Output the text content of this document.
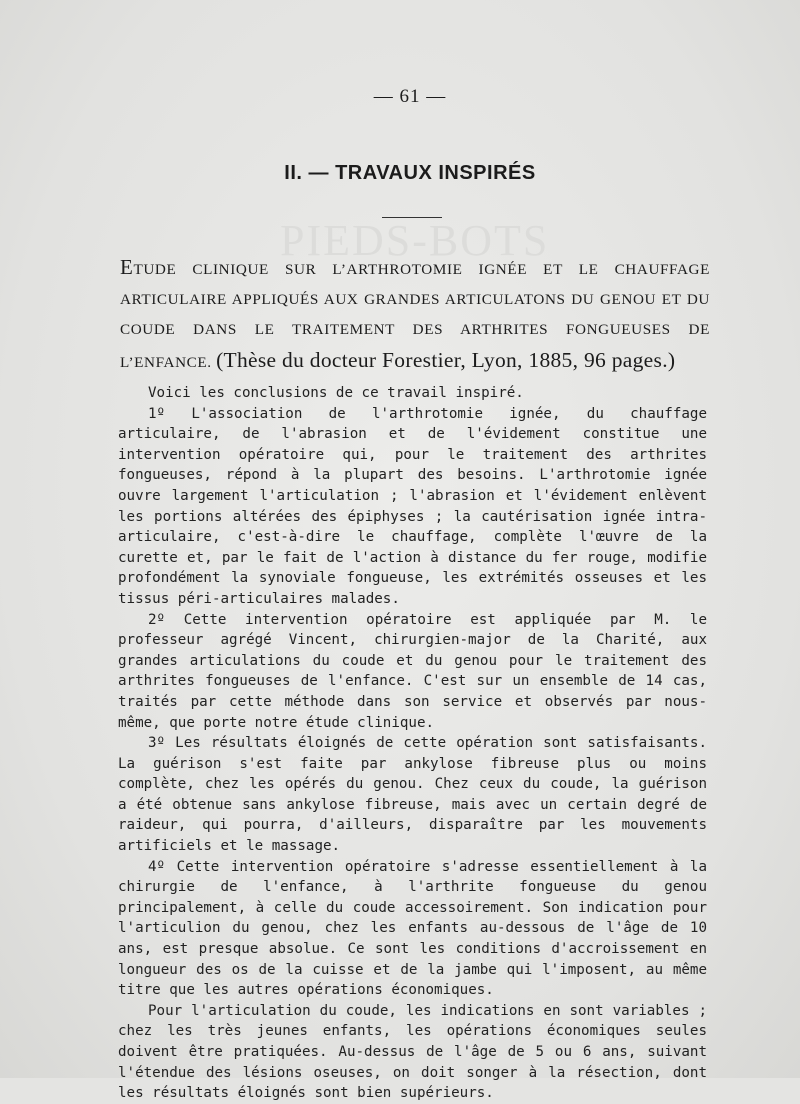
PIEDS-BOTS
— 61 —
II. — TRAVAUX INSPIRÉS
ETUDE CLINIQUE SUR L’ARTHROTOMIE IGNÉE ET LE CHAUFFAGE ARTICULAIRE APPLIQUÉS AUX GRANDES ARTICULATONS DU GENOU ET DU COUDE DANS LE TRAITEMENT DES ARTHRITES FONGUEUSES DE L’ENFANCE. (Thèse du docteur Forestier, Lyon, 1885, 96 pages.)

Voici les conclusions de ce travail inspiré.

1º L'association de l'arthrotomie ignée, du chauffage articulaire, de l'abrasion et de l'évidement constitue une intervention opératoire qui, pour le traitement des arthrites fongueuses, répond à la plupart des besoins. L'arthrotomie ignée ouvre largement l'articulation ; l'abrasion et l'évidement enlèvent les portions altérées des épiphyses ; la cautérisation ignée intra-articulaire, c'est-à-dire le chauffage, complète l'œuvre de la curette et, par le fait de l'action à distance du fer rouge, modifie profondément la synoviale fongueuse, les extrémités osseuses et les tissus péri-articulaires malades.

2º Cette intervention opératoire est appliquée par M. le professeur agrégé Vincent, chirurgien-major de la Charité, aux grandes articulations du coude et du genou pour le traitement des arthrites fongueuses de l'enfance. C'est sur un ensemble de 14 cas, traités par cette méthode dans son service et observés par nous-même, que porte notre étude clinique.

3º Les résultats éloignés de cette opération sont satisfaisants. La guérison s'est faite par ankylose fibreuse plus ou moins complète, chez les opérés du genou. Chez ceux du coude, la guérison a été obtenue sans ankylose fibreuse, mais avec un certain degré de raideur, qui pourra, d'ailleurs, disparaître par les mouvements artificiels et le massage.

4º Cette intervention opératoire s'adresse essentiellement à la chirurgie de l'enfance, à l'arthrite fongueuse du genou principalement, à celle du coude accessoirement. Son indication pour l'articulion du genou, chez les enfants au-dessous de l'âge de 10 ans, est presque absolue. Ce sont les conditions d'accroissement en longueur des os de la cuisse et de la jambe qui l'imposent, au même titre que les autres opérations économiques.

Pour l'articulation du coude, les indications en sont variables ; chez les très jeunes enfants, les opérations économiques seules doivent être pratiquées. Au-dessus de l'âge de 5 ou 6 ans, suivant l'étendue des lésions oseuses, on doit songer à la résection, dont les résultats éloignés sont bien supérieurs.
